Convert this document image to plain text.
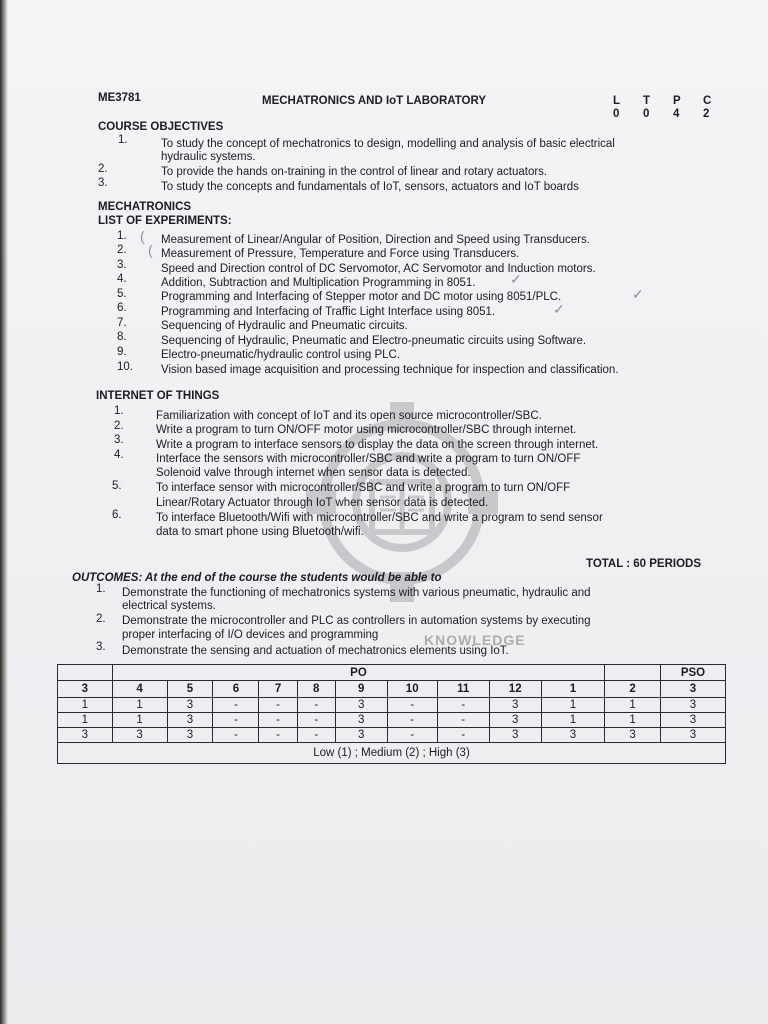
KNOWLEDGE
ME3781	MECHATRONICS AND IoT LABORATORY	L T P C
0 0 4 2
COURSE OBJECTIVES
1.	To study the concept of mechatronics to design, modelling and analysis of basic electrical
hydraulic systems.
2.	To provide the hands on-training in the control of linear and rotary actuators.
3.	To study the concepts and fundamentals of IoT, sensors, actuators and IoT boards
MECHATRONICS
LIST OF EXPERIMENTS:
1.	Measurement of Linear/Angular of Position, Direction and Speed using Transducers.
2.	Measurement of Pressure, Temperature and Force using Transducers.
3.	Speed and Direction control of DC Servomotor, AC Servomotor and Induction motors.
4.	Addition, Subtraction and Multiplication Programming in 8051.
5.	Programming and Interfacing of Stepper motor and DC motor using 8051/PLC.
6.	Programming and Interfacing of Traffic Light Interface using 8051.
7.	Sequencing of Hydraulic and Pneumatic circuits.
8.	Sequencing of Hydraulic, Pneumatic and Electro-pneumatic circuits using Software.
9.	Electro-pneumatic/hydraulic control using PLC.
10. Vision based image acquisition and processing technique for inspection and classification.
(
(
✓
✓
✓
INTERNET OF THINGS
1.	Familiarization with concept of IoT and its open source microcontroller/SBC.
2.	Write a program to turn ON/OFF motor using microcontroller/SBC through internet.
3.	Write a program to interface sensors to display the data on the screen through internet.
4.	Interface the sensors with microcontroller/SBC and write a program to turn ON/OFF
Solenoid valve through internet when sensor data is detected.
5.	To interface sensor with microcontroller/SBC and write a program to turn ON/OFF
Linear/Rotary Actuator through IoT when sensor data is detected.
6.	To interface Bluetooth/Wifi with microcontroller/SBC and write a program to send sensor
data to smart phone using Bluetooth/wifi.
TOTAL : 60 PERIODS
OUTCOMES: At the end of the course the students would be able to
1. Demonstrate the functioning of mechatronics systems with various pneumatic, hydraulic and
electrical systems.
2. Demonstrate the microcontroller and PLC as controllers in automation systems by executing
proper interfacing of I/O devices and programming
3. Demonstrate the sensing and actuation of mechatronics elements using IoT.
	PO											PSO
3	4	5	6	7	8	9	10	11	12	1	2	3
1	1	3	-	-	-	3	-	-	3	1	1	3
1	1	3	-	-	-	3	-	-	3	1	1	3
3	3	3	-	-	-	3	-	-	3	3	3	3
Low (1) ; Medium (2) ; High (3)												
